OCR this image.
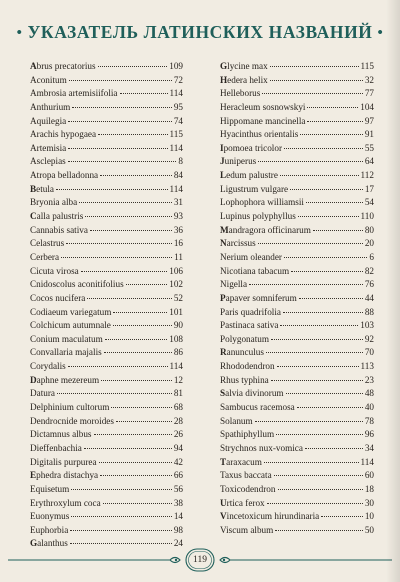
• УКАЗАТЕЛЬ ЛАТИНСКИХ НАЗВАНИЙ •
Abrus precatorius	109
Aconitum	72
Ambrosia artemisiifolia	114
Anthurium	95
Aquilegia	74
Arachis hypogaea	115
Artemisia	114
Asclepias	8
Atropa belladonna	84
Betula	114
Bryonia alba	31
Calla palustris	93
Cannabis sativa	36
Celastrus	16
Cerbera	11
Cicuta virosa	106
Cnidoscolus aconitifolius	102
Cocos nucifera	52
Codiaeum variegatum	101
Colchicum autumnale	90
Conium maculatum	108
Convallaria majalis	86
Corydalis	114
Daphne mezereum	12
Datura	81
Delphinium cultorum	68
Dendrocnide moroides	28
Dictamnus albus	26
Dieffenbachia	94
Digitalis purpurea	42
Ephedra distachya	66
Equisetum	56
Erythroxylum coca	38
Euonymus	14
Euphorbia	98
Galanthus	24
Glycine max	115
Hedera helix	32
Helleborus	77
Heracleum sosnowskyi	104
Hippomane mancinella	97
Hyacinthus orientalis	91
Ipomoea tricolor	55
Juniperus	64
Ledum palustre	112
Ligustrum vulgare	17
Lophophora williamsii	54
Lupinus polyphyllus	110
Mandragora officinarum	80
Narcissus	20
Nerium oleander	6
Nicotiana tabacum	82
Nigella	76
Papaver somniferum	44
Paris quadrifolia	88
Pastinaca sativa	103
Polygonatum	92
Ranunculus	70
Rhododendron	113
Rhus typhina	23
Salvia divinorum	48
Sambucus racemosa	40
Solanum	78
Spathiphyllum	96
Strychnos nux-vomica	34
Taraxacum	114
Taxus baccata	60
Toxicodendron	18
Urtica ferox	30
Vincetoxicum hirundinaria	10
Viscum album	50
119
